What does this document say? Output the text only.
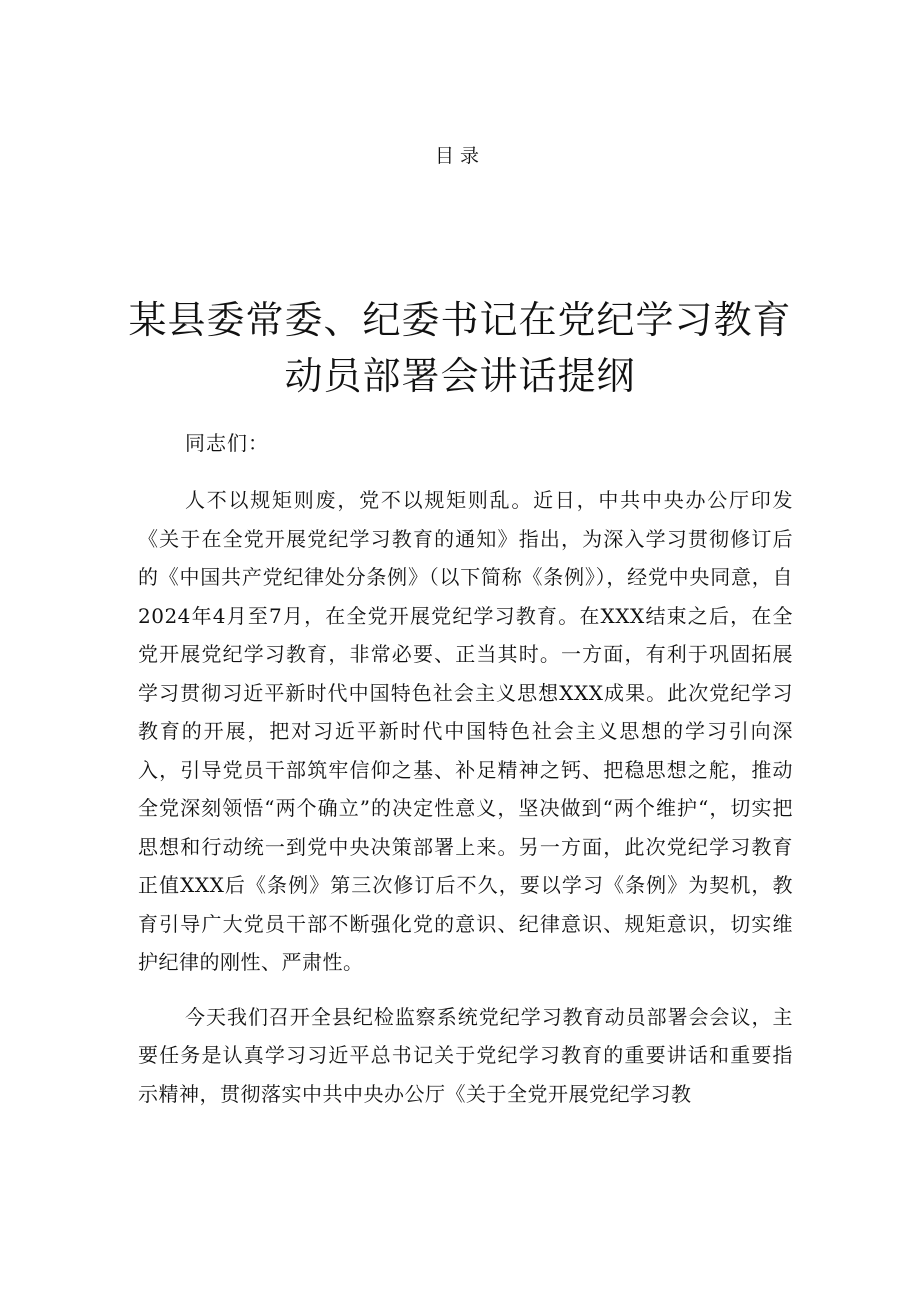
目录
某县委常委、纪委书记在党纪学习教育动员部署会讲话提纲

同志们：

人不以规矩则废，党不以规矩则乱。近日，中共中央办公厅印发《关于在全党开展党纪学习教育的通知》指出，为深入学习贯彻修订后的《中国共产党纪律处分条例》（以下简称《条例》），经党中央同意，自2024年4月至7月，在全党开展党纪学习教育。在XXX结束之后，在全党开展党纪学习教育，非常必要、正当其时。一方面，有利于巩固拓展学习贯彻习近平新时代中国特色社会主义思想XXX成果。此次党纪学习教育的开展，把对习近平新时代中国特色社会主义思想的学习引向深入，引导党员干部筑牢信仰之基、补足精神之钙、把稳思想之舵，推动全党深刻领悟“两个确立”的决定性意义，坚决做到“两个维护“，切实把思想和行动统一到党中央决策部署上来。另一方面，此次党纪学习教育正值XXX后《条例》第三次修订后不久，要以学习《条例》为契机，教育引导广大党员干部不断强化党的意识、纪律意识、规矩意识，切实维护纪律的刚性、严肃性。

今天我们召开全县纪检监察系统党纪学习教育动员部署会会议，主要任务是认真学习习近平总书记关于党纪学习教育的重要讲话和重要指示精神，贯彻落实中共中央办公厅《关于全党开展党纪学习教
